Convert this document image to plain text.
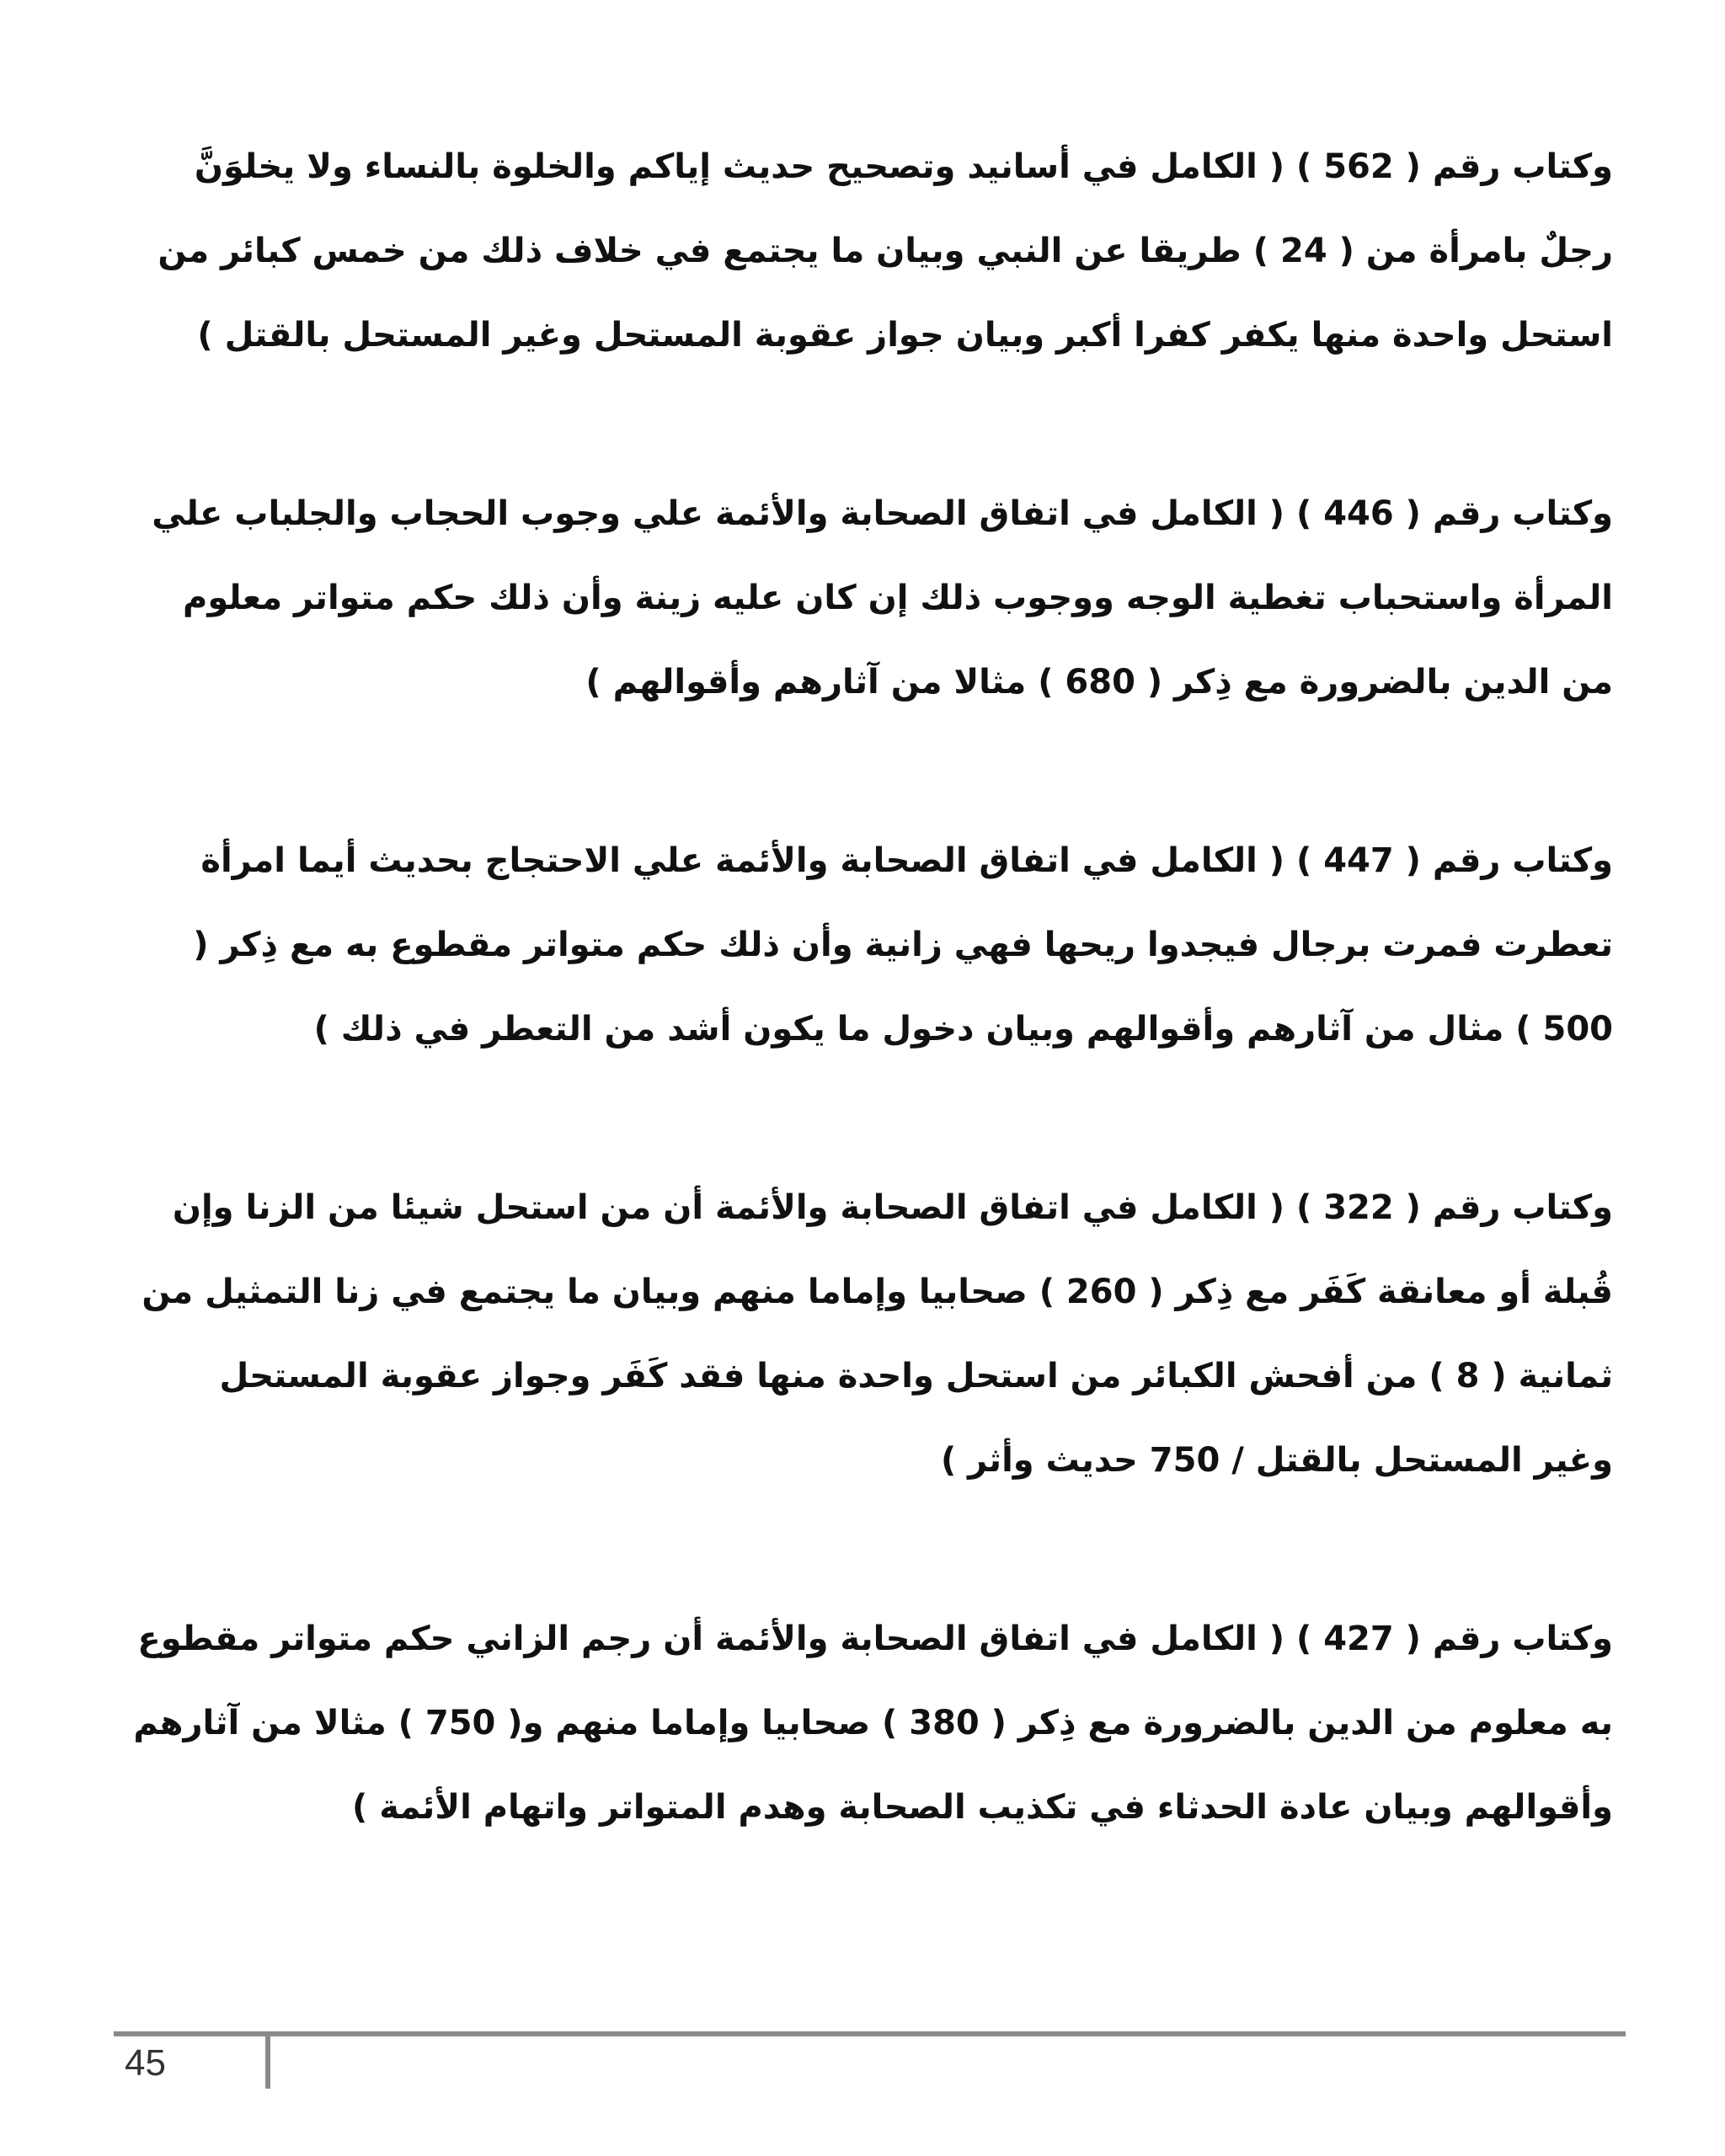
وكتاب رقم ( 562 ) ( الكامل في أسانيد وتصحيح حديث إياكم والخلوة بالنساء ولا يخلوَنَّ رجلٌ بامرأة من ( 24 ) طريقا عن النبي وبيان ما يجتمع في خلاف ذلك من خمس كبائر من استحل واحدة منها يكفر كفرا أكبر وبيان جواز عقوبة المستحل وغير المستحل بالقتل )

وكتاب رقم ( 446 ) ( الكامل في اتفاق الصحابة والأئمة علي وجوب الحجاب والجلباب علي المرأة واستحباب تغطية الوجه ووجوب ذلك إن كان عليه زينة وأن ذلك حكم متواتر معلوم من الدين بالضرورة مع ذِكر ( 680 ) مثالا من آثارهم وأقوالهم )

وكتاب رقم ( 447 ) ( الكامل في اتفاق الصحابة والأئمة علي الاحتجاج بحديث أيما امرأة تعطرت فمرت برجال فيجدوا ريحها فهي زانية وأن ذلك حكم متواتر مقطوع به مع ذِكر ( 500 ) مثال من آثارهم وأقوالهم وبيان دخول ما يكون أشد من التعطر في ذلك )

وكتاب رقم ( 322 ) ( الكامل في اتفاق الصحابة والأئمة أن من استحل شيئا من الزنا وإن قُبلة أو معانقة كَفَر مع ذِكر ( 260 ) صحابيا وإماما منهم وبيان ما يجتمع في زنا التمثيل من ثمانية ( 8 ) من أفحش الكبائر من استحل واحدة منها فقد كَفَر وجواز عقوبة المستحل وغير المستحل بالقتل / 750 حديث وأثر )

وكتاب رقم ( 427 ) ( الكامل في اتفاق الصحابة والأئمة أن رجم الزاني حكم متواتر مقطوع به معلوم من الدين بالضرورة مع ذِكر ( 380 ) صحابيا وإماما منهم و( 750 ) مثالا من آثارهم وأقوالهم وبيان عادة الحدثاء في تكذيب الصحابة وهدم المتواتر واتهام الأئمة )

45
